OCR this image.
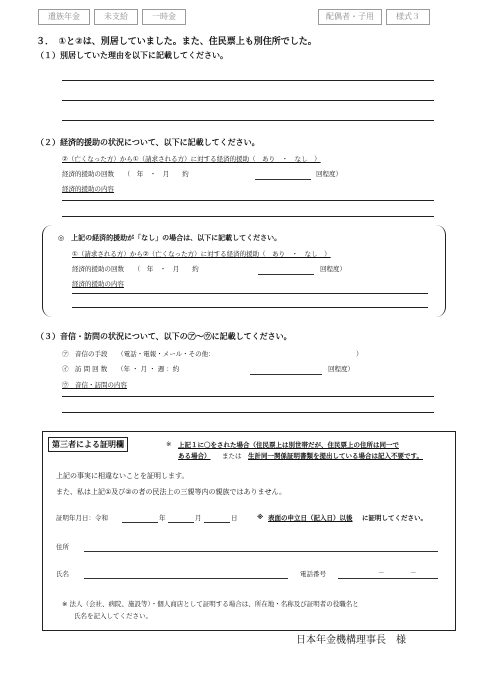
遺族年金	未支給	一時金	配偶者・子用	様式３
３．　①と②は、別居していました。また、住民票上も別住所でした。
（１）別居していた理由を以下に記載してください。
（２）経済的援助の状況について、以下に記載してください。
②（亡くなった方）から①（請求される方）に対する経済的援助（　あり　・　なし　）
経済的援助の回数　　（　年　・　月　　約	回程度）
経済的援助の内容
◎　上記の経済的援助が「なし」の場合は、以下に記載してください。
①（請求される方）から②（亡くなった方）に対する経済的援助（　あり　・　なし　）
経済的援助の回数　　（　年　・　月　　約	回程度）
経済的援助の内容
（３）音信・訪問の状況について、以下の㋐～㋒に記載してください。
㋐　音信の手段　　（電話・電報・メール・その他：	）
㋑　訪 問 回 数　　（年 ・ 月 ・ 週 ：約	回程度）
㋒　音信・訪問の内容
第三者による証明欄	※ 上記１に〇をされた場合（住民票上は別世帯だが、住民票上の住所は同一で
ある場合） または 生計同一関係証明書類を提出している場合は記入不要です。
上記の事実に相違ないことを証明します。
また、私は上記①及び②の者の民法上の三親等内の親族ではありません。
証明年月日：令和	年	月	日	※ 表面の申立日（記入日）以後 に証明してください。
住所
氏名	電話番号	－	－
※ 法人（会社、病院、施設等）・個人商店として証明する場合は、所在地・名称及び証明者の役職名と
氏名を記入してください。
日本年金機構理事長　様
